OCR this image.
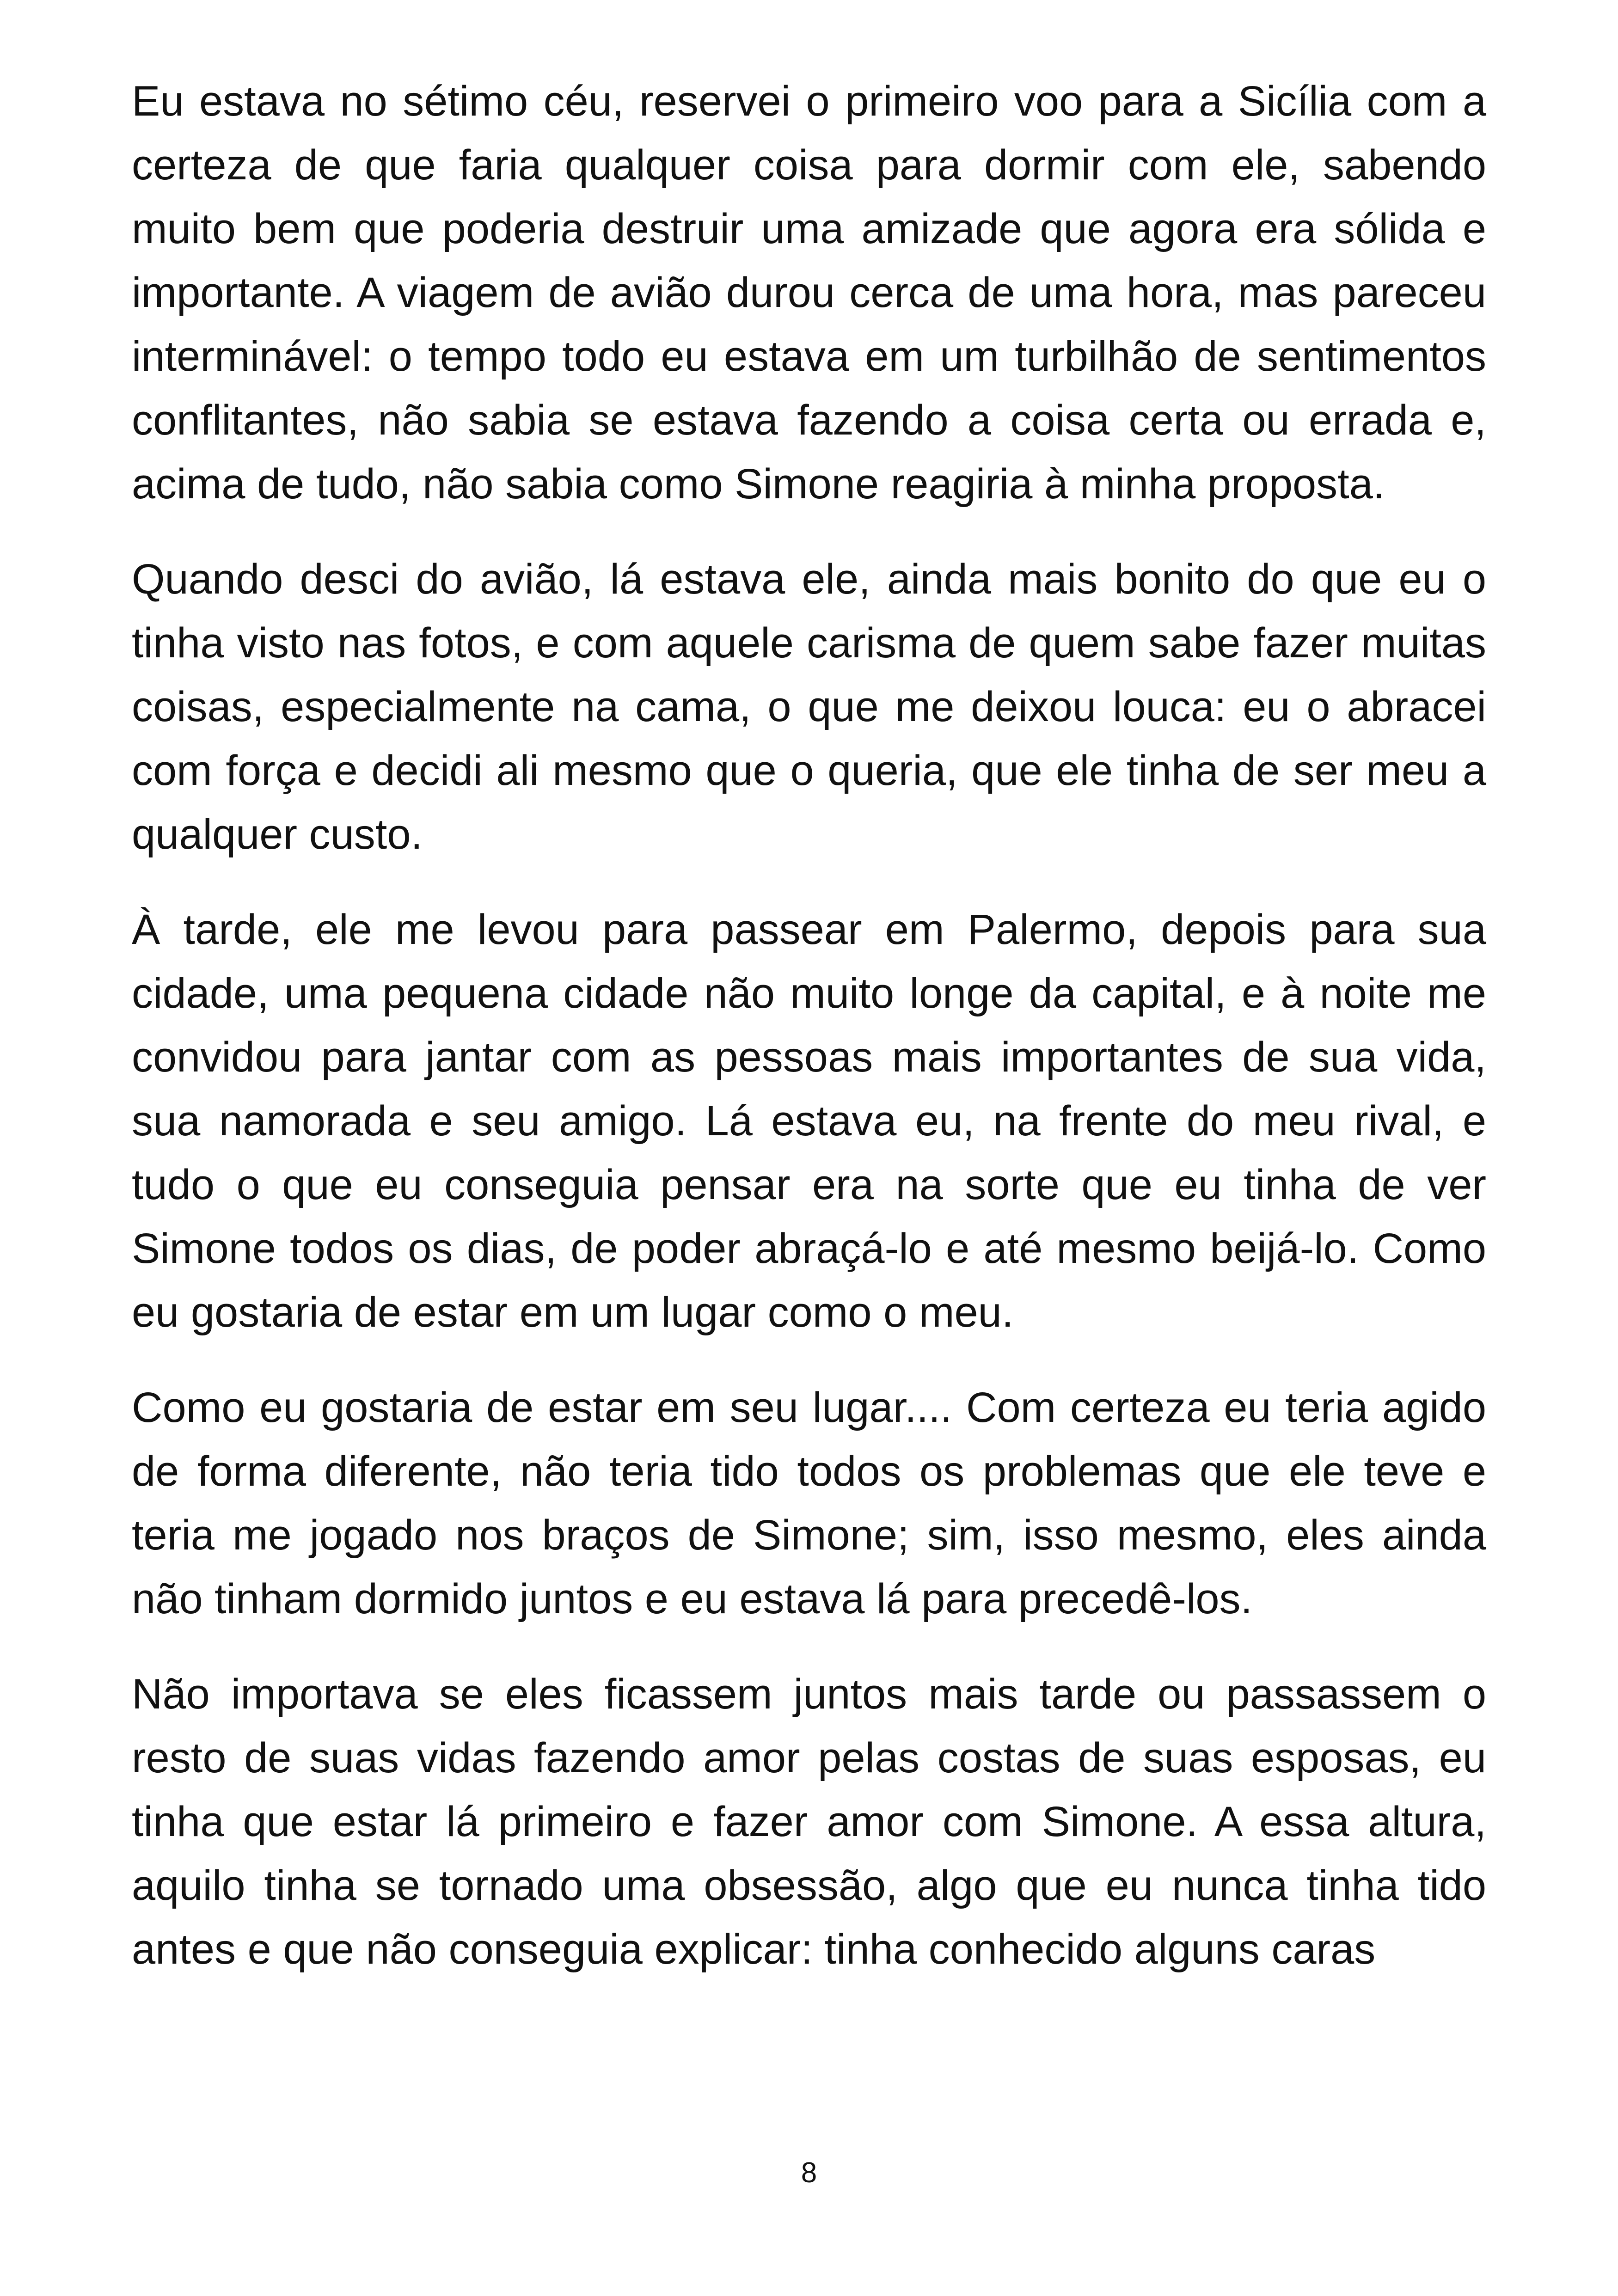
Eu estava no sétimo céu, reservei o primeiro voo para a Sicília com a certeza de que faria qualquer coisa para dormir com ele, sabendo muito bem que poderia destruir uma amizade que agora era sólida e importante. A viagem de avião durou cerca de uma hora, mas pareceu interminável: o tempo todo eu estava em um turbilhão de sentimentos conflitantes, não sabia se estava fazendo a coisa certa ou errada e, acima de tudo, não sabia como Simone reagiria à minha proposta.

Quando desci do avião, lá estava ele, ainda mais bonito do que eu o tinha visto nas fotos, e com aquele carisma de quem sabe fazer muitas coisas, especialmente na cama, o que me deixou louca: eu o abracei com força e decidi ali mesmo que o queria, que ele tinha de ser meu a qualquer custo.

À tarde, ele me levou para passear em Palermo, depois para sua cidade, uma pequena cidade não muito longe da capital, e à noite me convidou para jantar com as pessoas mais importantes de sua vida, sua namorada e seu amigo. Lá estava eu, na frente do meu rival, e tudo o que eu conseguia pensar era na sorte que eu tinha de ver Simone todos os dias, de poder abraçá-lo e até mesmo beijá-lo. Como eu gostaria de estar em um lugar como o meu.

Como eu gostaria de estar em seu lugar.... Com certeza eu teria agido de forma diferente, não teria tido todos os problemas que ele teve e teria me jogado nos braços de Simone; sim, isso mesmo, eles ainda não tinham dormido juntos e eu estava lá para precedê-los.

Não importava se eles ficassem juntos mais tarde ou passassem o resto de suas vidas fazendo amor pelas costas de suas esposas, eu tinha que estar lá primeiro e fazer amor com Simone. A essa altura, aquilo tinha se tornado uma obsessão, algo que eu nunca tinha tido antes e que não conseguia explicar: tinha conhecido alguns caras

8
